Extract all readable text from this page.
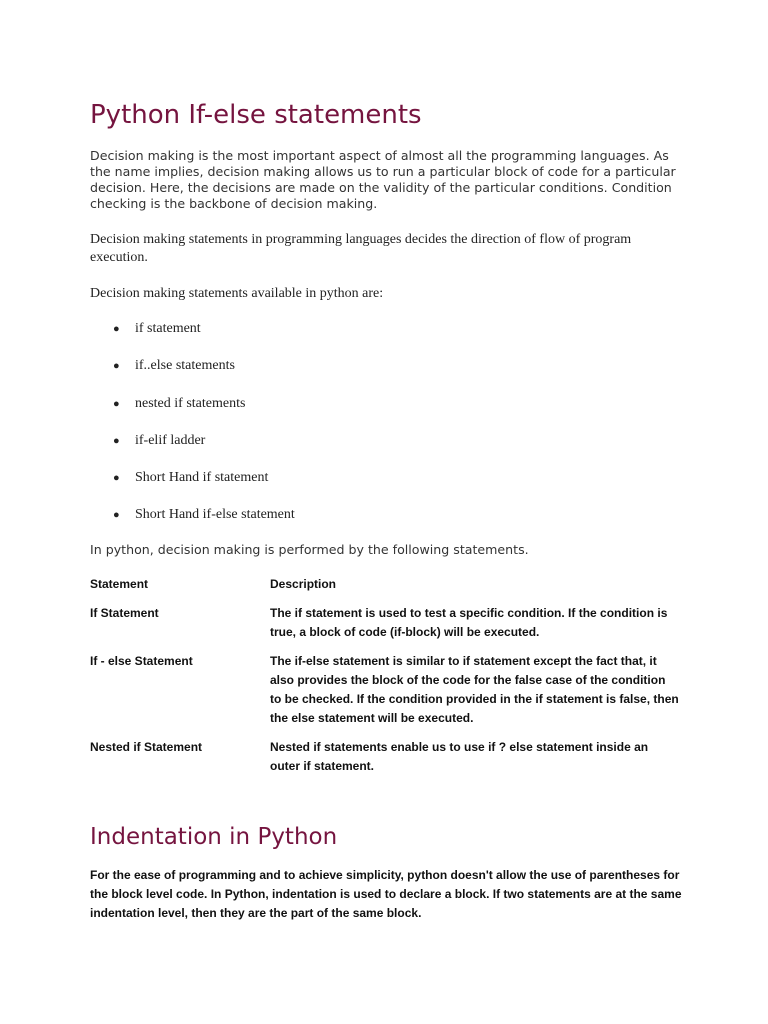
Python If-else statements

Decision making is the most important aspect of almost all the programming languages. As the name implies, decision making allows us to run a particular block of code for a particular decision. Here, the decisions are made on the validity of the particular conditions. Condition checking is the backbone of decision making.

Decision making statements in programming languages decides the direction of flow of program execution.

Decision making statements available in python are:

● if statement
● if..else statements
● nested if statements
● if-elif ladder
● Short Hand if statement
● Short Hand if-else statement

In python, decision making is performed by the following statements.

Statement	Description
If Statement	The if statement is used to test a specific condition. If the condition is true, a block of code (if-block) will be executed.
If - else Statement	The if-else statement is similar to if statement except the fact that, it also provides the block of the code for the false case of the condition to be checked. If the condition provided in the if statement is false, then the else statement will be executed.
Nested if Statement	Nested if statements enable us to use if ? else statement inside an outer if statement.
Indentation in Python

For the ease of programming and to achieve simplicity, python doesn't allow the use of parentheses for the block level code. In Python, indentation is used to declare a block. If two statements are at the same indentation level, then they are the part of the same block.
